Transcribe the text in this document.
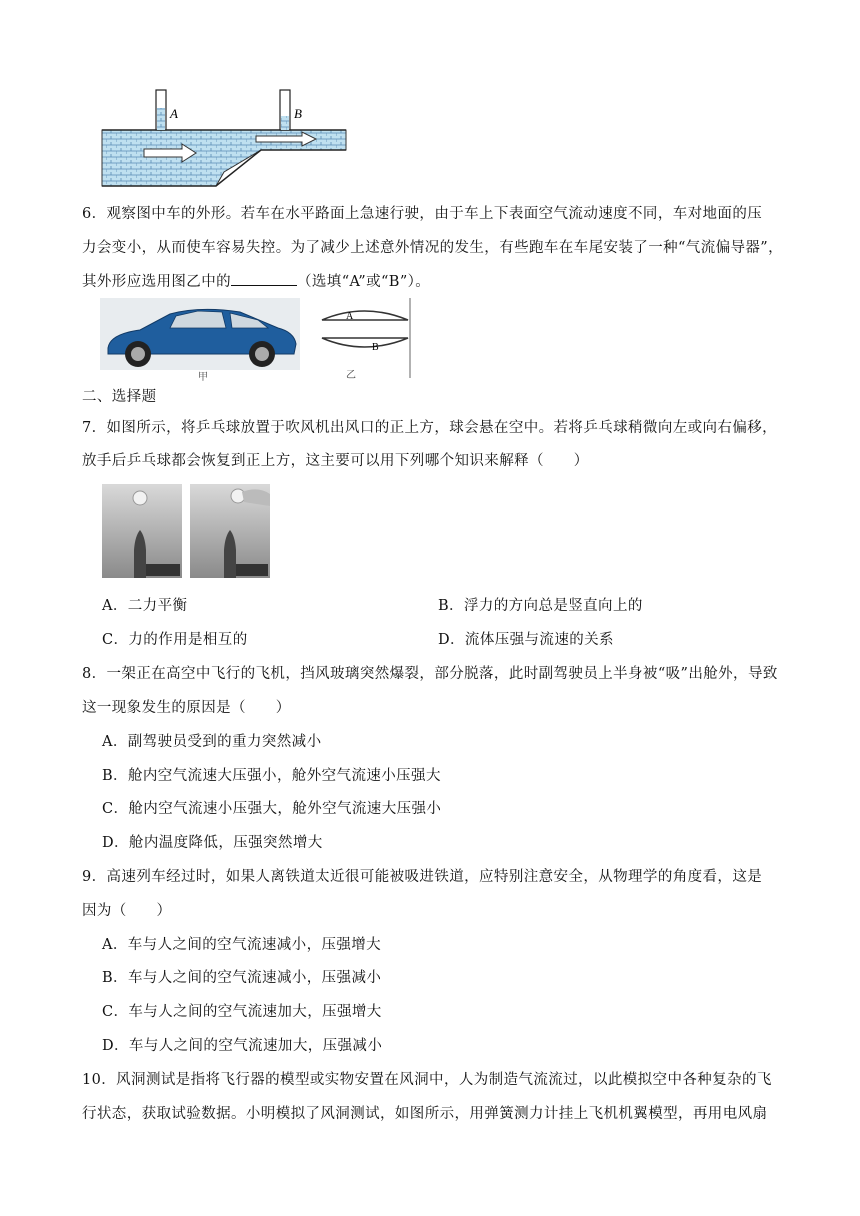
A	B
6．观察图中车的外形。若车在水平路面上急速行驶，由于车上下表面空气流动速度不同，车对地面的压
力会变小，从而使车容易失控。为了减少上述意外情况的发生，有些跑车在车尾安装了一种“气流偏导器”，
其外形应选用图乙中的	（选填“A”或“B”）。
甲
A
B
乙
二、选择题
7．如图所示，将乒乓球放置于吹风机出风口的正上方，球会悬在空中。若将乒乓球稍微向左或向右偏移，
放手后乒乓球都会恢复到正上方，这主要可以用下列哪个知识来解释（　　）
A．二力平衡	B．浮力的方向总是竖直向上的
C．力的作用是相互的	D．流体压强与流速的关系
8．一架正在高空中飞行的飞机，挡风玻璃突然爆裂，部分脱落，此时副驾驶员上半身被“吸”出舱外，导致
这一现象发生的原因是（　　）
A．副驾驶员受到的重力突然减小
B．舱内空气流速大压强小，舱外空气流速小压强大
C．舱内空气流速小压强大，舱外空气流速大压强小
D．舱内温度降低，压强突然增大
9．高速列车经过时，如果人离铁道太近很可能被吸进铁道，应特别注意安全，从物理学的角度看，这是
因为（　　）
A．车与人之间的空气流速减小，压强增大
B．车与人之间的空气流速减小，压强减小
C．车与人之间的空气流速加大，压强增大
D．车与人之间的空气流速加大，压强减小
10．风洞测试是指将飞行器的模型或实物安置在风洞中，人为制造气流流过，以此模拟空中各种复杂的飞
行状态，获取试验数据。小明模拟了风洞测试，如图所示，用弹簧测力计挂上飞机机翼模型，再用电风扇
